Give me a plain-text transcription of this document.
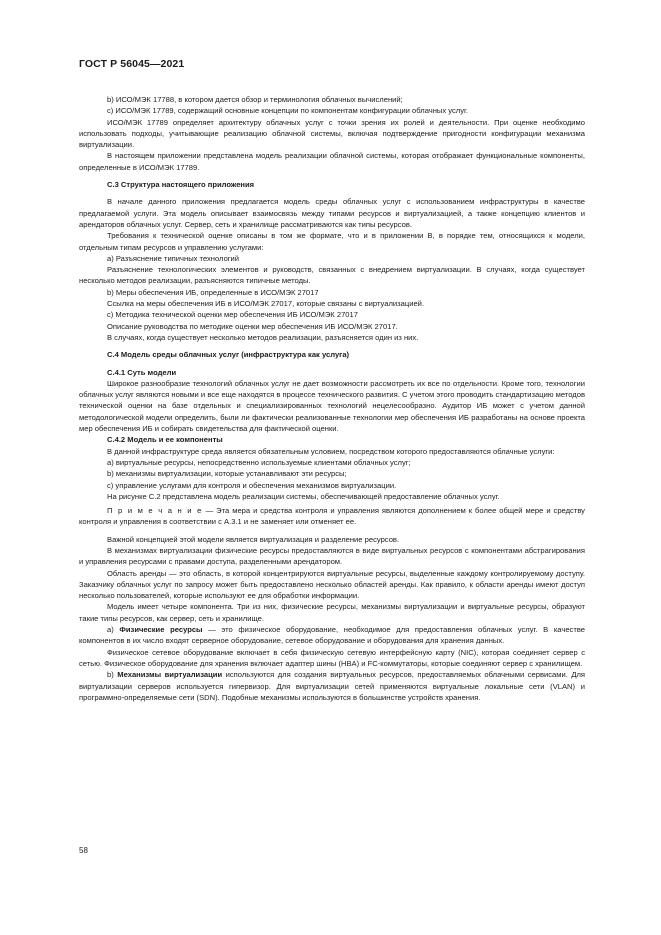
ГОСТ Р 56045—2021

b) ИСО/МЭК 17788, в котором дается обзор и терминология облачных вычислений;

c) ИСО/МЭК 17789, содержащий основные концепции по компонентам конфигурации облачных услуг.

ИСО/МЭК 17789 определяет архитектуру облачных услуг с точки зрения их ролей и деятельности. При оценке необходимо использовать подходы, учитывающие реализацию облачной системы, включая подтверждение пригодности конфигурации механизма виртуализации.

В настоящем приложении представлена модель реализации облачной системы, которая отображает функциональные компоненты, определенные в ИСО/МЭК 17789.

С.3 Структура настоящего приложения

В начале данного приложения предлагается модель среды облачных услуг с использованием инфраструктуры в качестве предлагаемой услуги. Эта модель описывает взаимосвязь между типами ресурсов и виртуализацией, а также концепцию клиентов и арендаторов облачных услуг. Сервер, сеть и хранилище рассматриваются как типы ресурсов.

Требования к технической оценке описаны в том же формате, что и в приложении В, в порядке тем, относящихся к модели, отдельным типам ресурсов и управлению услугами:

a) Разъяснение типичных технологий

Разъяснение технологических элементов и руководств, связанных с внедрением виртуализации. В случаях, когда существует несколько методов реализации, разъясняются типичные методы.

b) Меры обеспечения ИБ, определенные в ИСО/МЭК 27017

Ссылка на меры обеспечения ИБ в ИСО/МЭК 27017, которые связаны с виртуализацией.

c) Методика технической оценки мер обеспечения ИБ ИСО/МЭК 27017

Описание руководства по методике оценки мер обеспечения ИБ ИСО/МЭК 27017.

В случаях, когда существует несколько методов реализации, разъясняется один из них.

С.4 Модель среды облачных услуг (инфраструктура как услуга)

С.4.1 Суть модели

Широкое разнообразие технологий облачных услуг не дает возможности рассмотреть их все по отдельности. Кроме того, технологии облачных услуг являются новыми и все еще находятся в процессе технического развития. С учетом этого проводить стандартизацию методов технической оценки на базе отдельных и специализированных технологий нецелесообразно. Аудитор ИБ может с учетом данной методологической модели определить, были ли фактически реализованные технологии мер обеспечения ИБ разработаны на основе проекта мер обеспечения ИБ и собирать свидетельства для фактической оценки.

С.4.2 Модель и ее компоненты

В данной инфраструктуре среда является обязательным условием, посредством которого предоставляются облачные услуги:

a) виртуальные ресурсы, непосредственно используемые клиентами облачных услуг;

b) механизмы виртуализации, которые устанавливают эти ресурсы;

c) управление услугами для контроля и обеспечения механизмов виртуализации.

На рисунке С.2 представлена модель реализации системы, обеспечивающей предоставление облачных услуг.

П р и м е ч а н и е — Эта мера и средства контроля и управления являются дополнением к более общей мере и средству контроля и управления в соответствии с А.3.1 и не заменяет или отменяет ее.

Важной концепцией этой модели является виртуализация и разделение ресурсов.

В механизмах виртуализации физические ресурсы предоставляются в виде виртуальных ресурсов с компонентами абстрагирования и управления ресурсами с правами доступа, разделенными арендатором.

Область аренды — это область, в которой концентрируются виртуальные ресурсы, выделенные каждому контролируемому доступу. Заказчику облачных услуг по запросу может быть предоставлено несколько областей аренды. Как правило, к области аренды имеют доступ несколько пользователей, которые используют ее для обработки информации.

Модель имеет четыре компонента. Три из них, физические ресурсы, механизмы виртуализации и виртуальные ресурсы, образуют такие типы ресурсов, как сервер, сеть и хранилище.

a) Физические ресурсы — это физическое оборудование, необходимое для предоставления облачных услуг. В качестве компонентов в их число входят серверное оборудование, сетевое оборудование и оборудования для хранения данных.

Физическое сетевое оборудование включает в себя физическую сетевую интерфейсную карту (NIC), которая соединяет сервер с сетью. Физическое оборудование для хранения включает адаптер шины (HBA) и FC-коммутаторы, которые соединяют сервер с хранилищем.

b) Механизмы виртуализации используются для создания виртуальных ресурсов, предоставляемых облачными сервисами. Для виртуализации серверов используется гипервизор. Для виртуализации сетей применяются виртуальные локальные сети (VLAN) и программно-определяемые сети (SDN). Подобные механизмы используются в большинстве устройств хранения.

58
